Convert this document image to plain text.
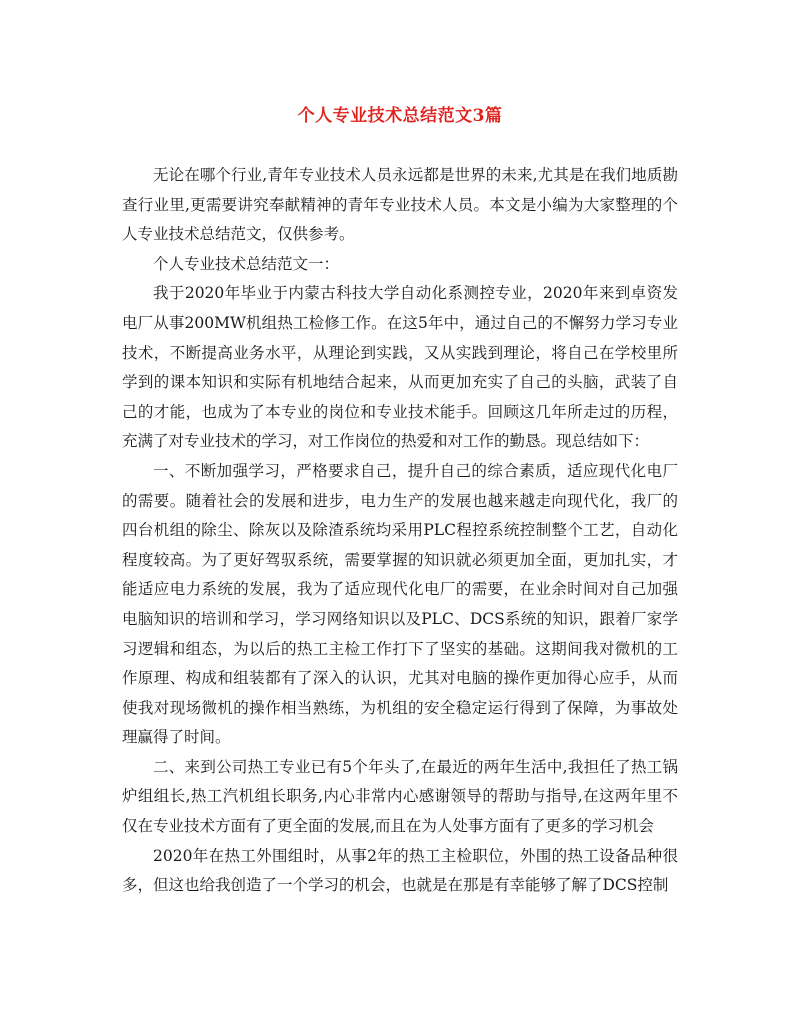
个人专业技术总结范文3篇

无论在哪个行业,青年专业技术人员永远都是世界的未来,尤其是在我们地质勘查行业里,更需要讲究奉献精神的青年专业技术人员。本文是小编为大家整理的个人专业技术总结范文，仅供参考。

个人专业技术总结范文一：

我于2020年毕业于内蒙古科技大学自动化系测控专业，2020年来到卓资发电厂从事200MW机组热工检修工作。在这5年中，通过自己的不懈努力学习专业技术，不断提高业务水平，从理论到实践，又从实践到理论，将自己在学校里所学到的课本知识和实际有机地结合起来，从而更加充实了自己的头脑，武装了自己的才能，也成为了本专业的岗位和专业技术能手。回顾这几年所走过的历程，充满了对专业技术的学习，对工作岗位的热爱和对工作的勤恳。现总结如下：

一、不断加强学习，严格要求自己，提升自己的综合素质，适应现代化电厂的需要。随着社会的发展和进步，电力生产的发展也越来越走向现代化，我厂的四台机组的除尘、除灰以及除渣系统均采用PLC程控系统控制整个工艺，自动化程度较高。为了更好驾驭系统，需要掌握的知识就必须更加全面，更加扎实，才能适应电力系统的发展，我为了适应现代化电厂的需要，在业余时间对自己加强电脑知识的培训和学习，学习网络知识以及PLC、DCS系统的知识，跟着厂家学习逻辑和组态，为以后的热工主检工作打下了坚实的基础。这期间我对微机的工作原理、构成和组装都有了深入的认识，尤其对电脑的操作更加得心应手，从而使我对现场微机的操作相当熟练，为机组的安全稳定运行得到了保障，为事故处理赢得了时间。

二、来到公司热工专业已有5个年头了,在最近的两年生活中,我担任了热工锅炉组组长,热工汽机组长职务,内心非常内心感谢领导的帮助与指导,在这两年里不仅在专业技术方面有了更全面的发展,而且在为人处事方面有了更多的学习机会

2020年在热工外围组时，从事2年的热工主检职位，外围的热工设备品种很多，但这也给我创造了一个学习的机会，也就是在那是有幸能够了解了DCS控制
